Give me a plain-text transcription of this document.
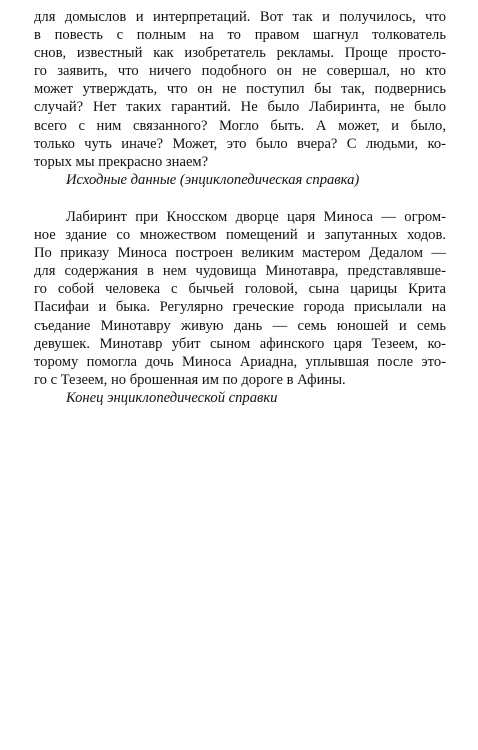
для домыслов и интерпретаций. Вот так и получилось, что
в повесть с полным на то правом шагнул толкователь
снов, известный как изобретатель рекламы. Проще просто-
го заявить, что ничего подобного он не совершал, но кто
может утверждать, что он не поступил бы так, подвернись
случай? Нет таких гарантий. Не было Лабиринта, не было
всего с ним связанного? Могло быть. А может, и было,
только чуть иначе? Может, это было вчера? С людьми, ко-
торых мы прекрасно знаем?

Исходные данные (энциклопедическая справка)

Лабиринт при Кносском дворце царя Миноса — огром-
ное здание со множеством помещений и запутанных ходов.
По приказу Миноса построен великим мастером Дедалом —
для содержания в нем чудовища Минотавра, представлявше-
го собой человека с бычьей головой, сына царицы Крита
Пасифаи и быка. Регулярно греческие города присылали на
съедание Минотавру живую дань — семь юношей и семь
девушек. Минотавр убит сыном афинского царя Тезеем, ко-
торому помогла дочь Миноса Ариадна, уплывшая после это-
го с Тезеем, но брошенная им по дороге в Афины.

Конец энциклопедической справки
